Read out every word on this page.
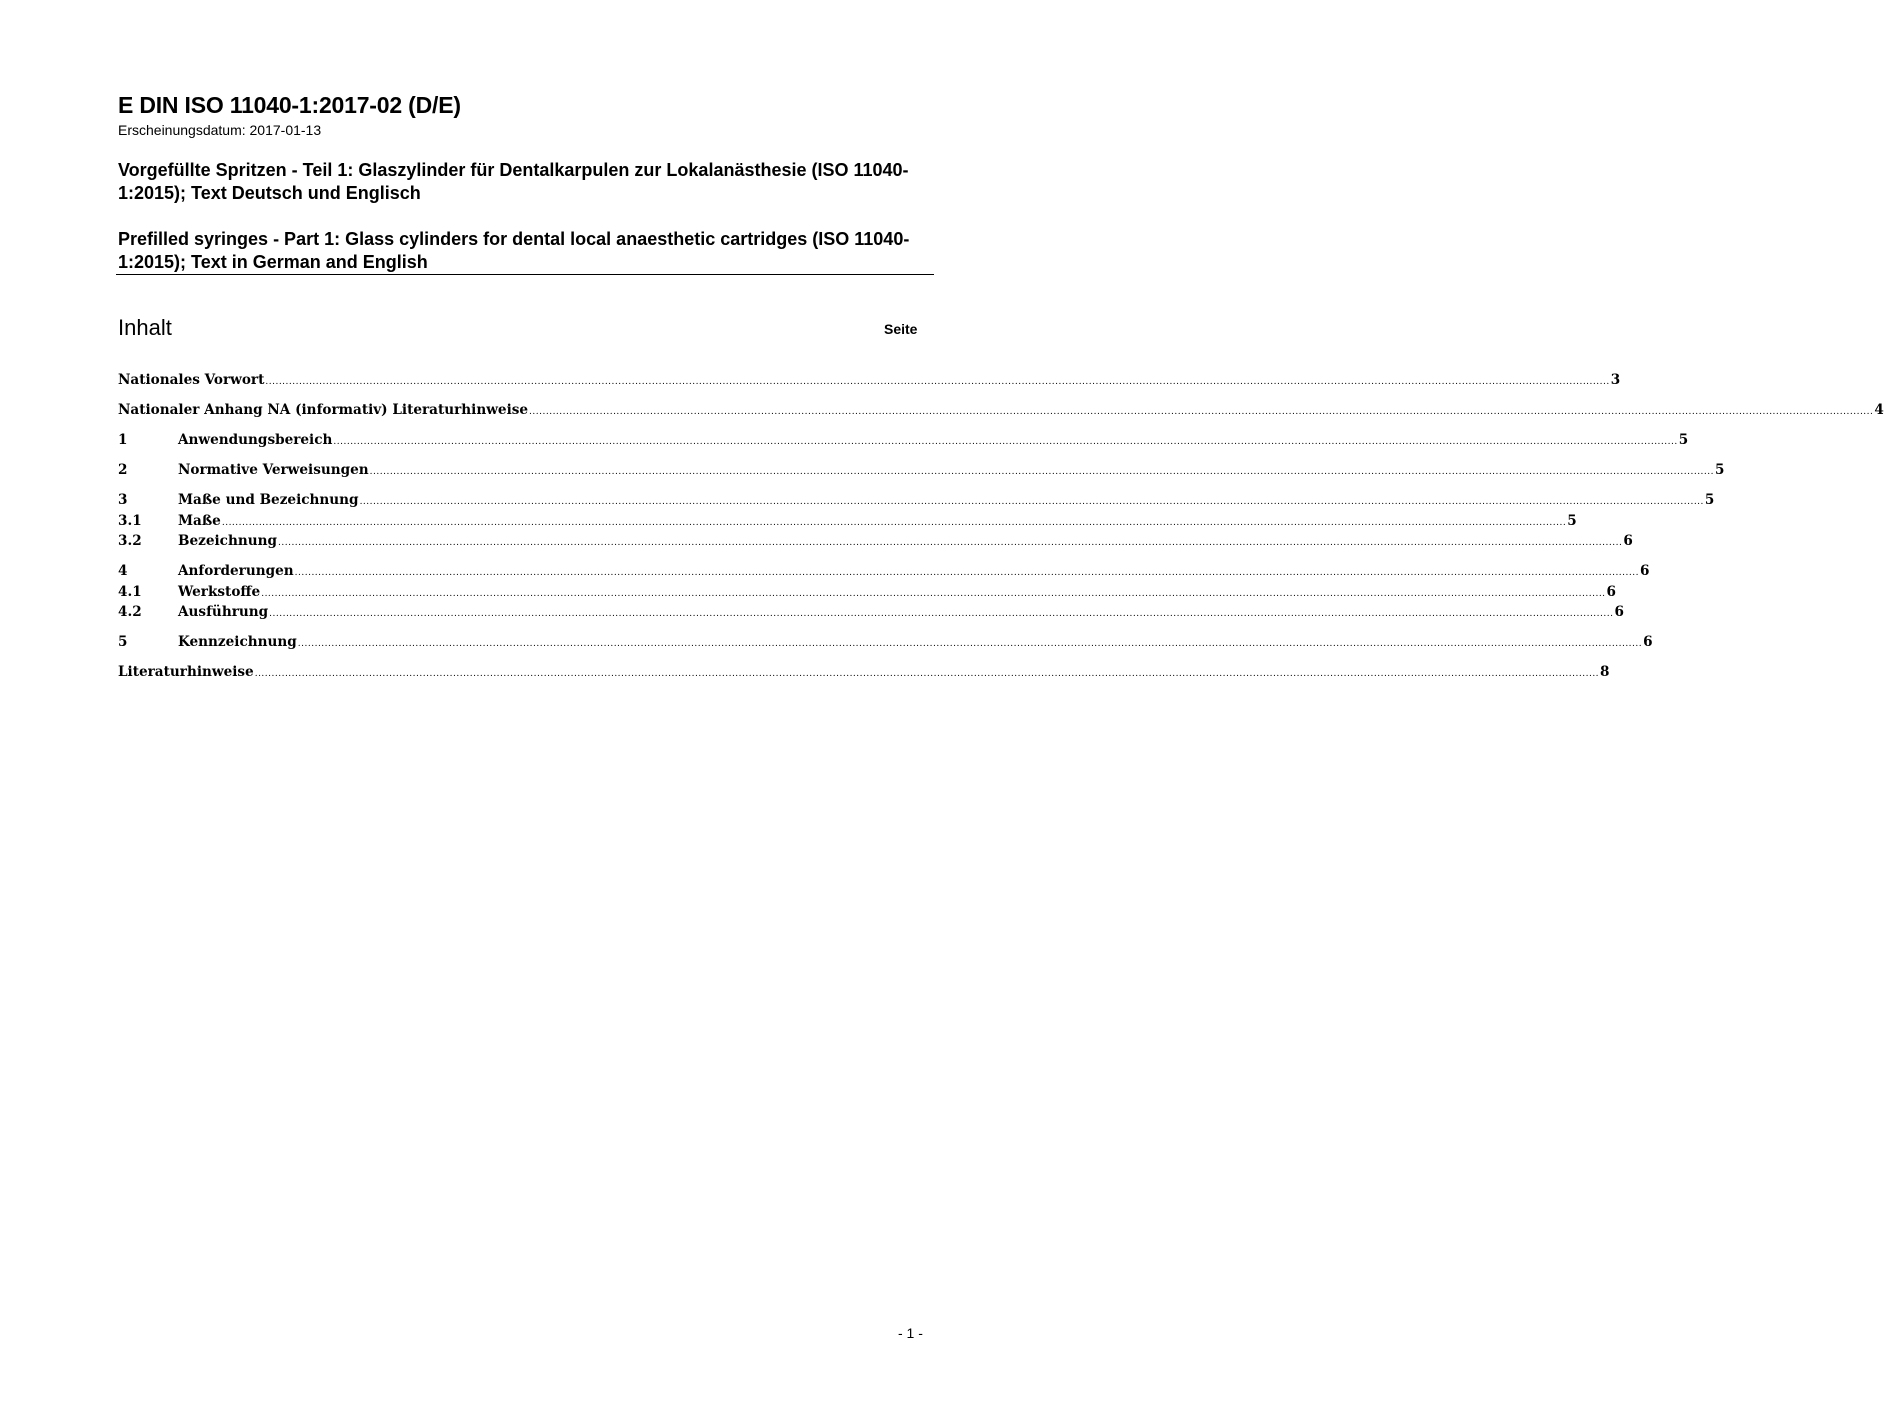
E DIN ISO 11040-1:2017-02 (D/E)
Erscheinungsdatum: 2017-01-13
Vorgefüllte Spritzen - Teil 1: Glaszylinder für Dentalkarpulen zur Lokalanästhesie (ISO 11040-1:2015); Text Deutsch und Englisch
Prefilled syringes - Part 1: Glass cylinders for dental local anaesthetic cartridges (ISO 11040-1:2015); Text in German and English
Inhalt	Seite
Nationales Vorwort ................................................................................................................................................................................................................................................................................................................................................................................................................ 3
Nationaler Anhang NA (informativ) Literaturhinweise ................................................................................................................................................................................................................................................................................................................................................................................................................ 4
1	Anwendungsbereich ................................................................................................................................................................................................................................................................................................................................................................................................................ 5
2	Normative Verweisungen ................................................................................................................................................................................................................................................................................................................................................................................................................ 5
3	Maße und Bezeichnung ................................................................................................................................................................................................................................................................................................................................................................................................................ 5
3.1	Maße ................................................................................................................................................................................................................................................................................................................................................................................................................ 5
3.2	Bezeichnung ................................................................................................................................................................................................................................................................................................................................................................................................................ 6
4	Anforderungen ................................................................................................................................................................................................................................................................................................................................................................................................................ 6
4.1	Werkstoffe ................................................................................................................................................................................................................................................................................................................................................................................................................ 6
4.2	Ausführung ................................................................................................................................................................................................................................................................................................................................................................................................................ 6
5	Kennzeichnung ................................................................................................................................................................................................................................................................................................................................................................................................................ 6
Literaturhinweise ................................................................................................................................................................................................................................................................................................................................................................................................................ 8
- 1 -
